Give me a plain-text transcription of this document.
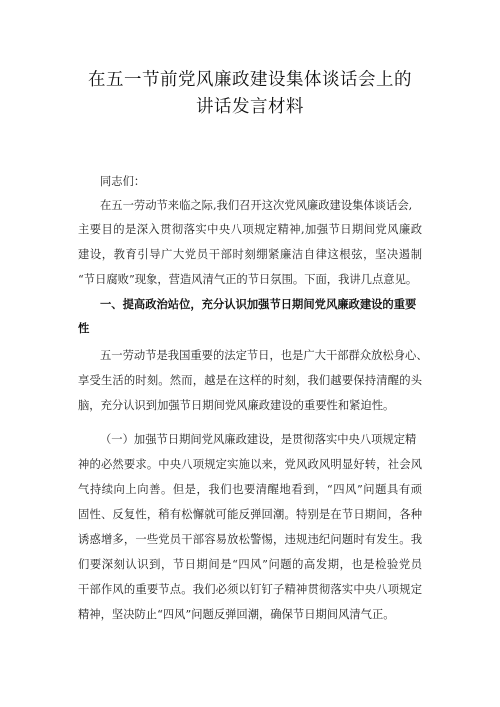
在五一节前党风廉政建设集体谈话会上的
讲话发言材料
同志们：
在五一劳动节来临之际,我们召开这次党风廉政建设集体谈话会,
主要目的是深入贯彻落实中央八项规定精神,加强节日期间党风廉政
建设，教育引导广大党员干部时刻绷紧廉洁自律这根弦，坚决遏制
“节日腐败”现象，营造风清气正的节日氛围。下面，我讲几点意见。
一、提高政治站位，充分认识加强节日期间党风廉政建设的重要
性
五一劳动节是我国重要的法定节日，也是广大干部群众放松身心、
享受生活的时刻。然而，越是在这样的时刻，我们越要保持清醒的头
脑，充分认识到加强节日期间党风廉政建设的重要性和紧迫性。
（一）加强节日期间党风廉政建设，是贯彻落实中央八项规定精
神的必然要求。中央八项规定实施以来，党风政风明显好转，社会风
气持续向上向善。但是，我们也要清醒地看到，“四风”问题具有顽
固性、反复性，稍有松懈就可能反弹回潮。特别是在节日期间，各种
诱惑增多，一些党员干部容易放松警惕，违规违纪问题时有发生。我
们要深刻认识到，节日期间是“四风”问题的高发期，也是检验党员
干部作风的重要节点。我们必须以钉钉子精神贯彻落实中央八项规定
精神，坚决防止“四风”问题反弹回潮，确保节日期间风清气正。
